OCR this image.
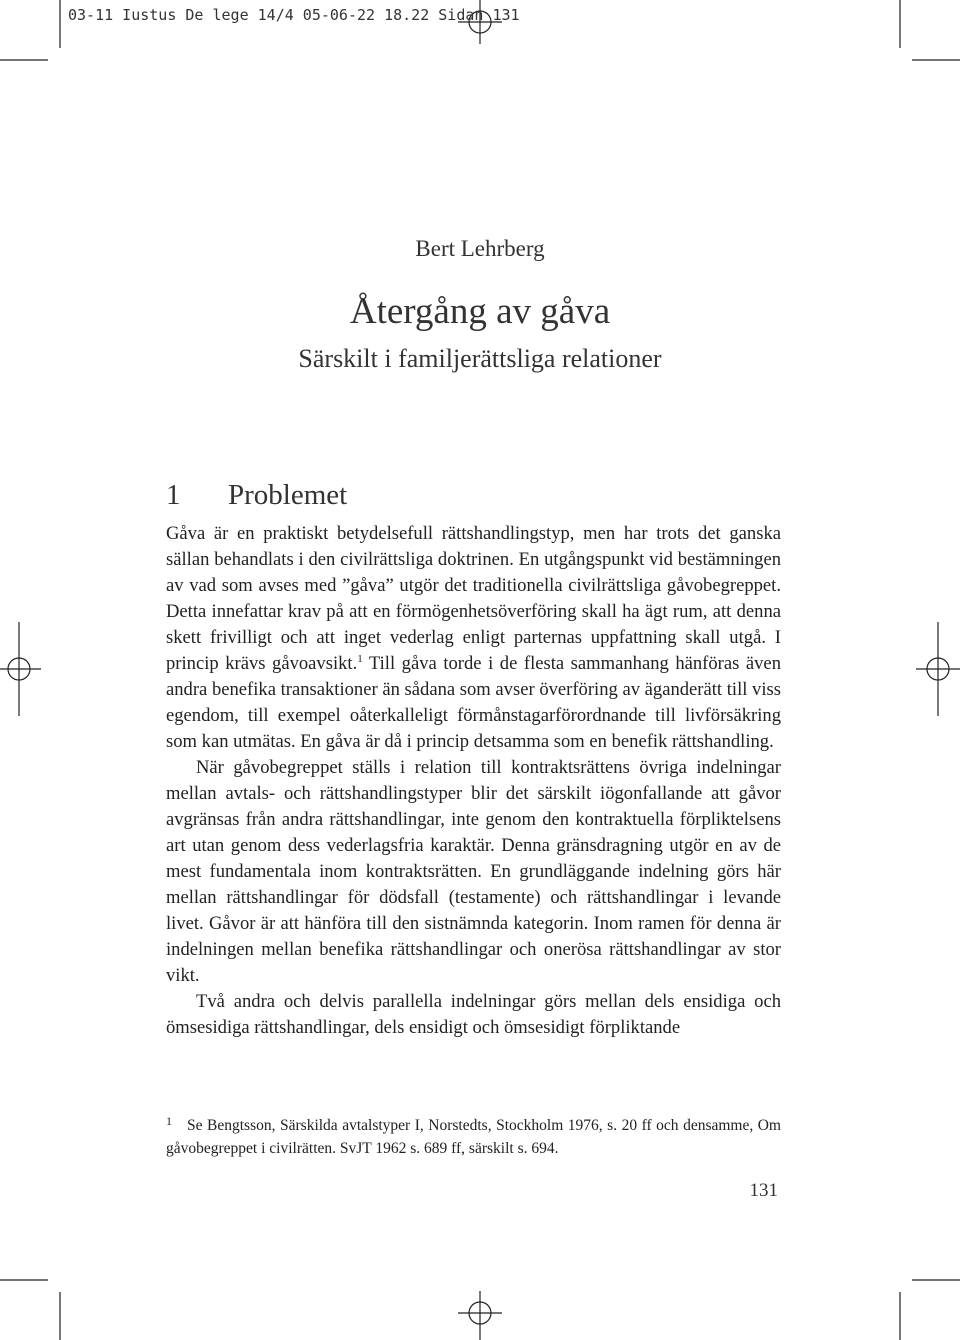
03-11 Iustus De lege 14/4 05-06-22 18.22 Sidan 131
Bert Lehrberg
Återgång av gåva
Särskilt i familjerättsliga relationer
1 Problemet

Gåva är en praktiskt betydelsefull rättshandlingstyp, men har trots det ganska sällan behandlats i den civilrättsliga doktrinen. En utgångspunkt vid bestämningen av vad som avses med ”gåva” utgör det traditionella civilrättsliga gåvobegreppet. Detta innefattar krav på att en förmögenhetsöverföring skall ha ägt rum, att denna skett frivilligt och att inget vederlag enligt parternas uppfattning skall utgå. I princip krävs gåvoavsikt.$^1$ Till gåva torde i de flesta sammanhang hänföras även andra benefika transaktioner än sådana som avser överföring av äganderätt till viss egendom, till exempel oåterkalleligt förmånstagarförordnande till livförsäkring som kan utmätas. En gåva är då i princip detsamma som en benefik rättshandling.

När gåvobegreppet ställs i relation till kontraktsrättens övriga indelningar mellan avtals- och rättshandlingstyper blir det särskilt iögonfallande att gåvor avgränsas från andra rättshandlingar, inte genom den kontraktuella förpliktelsens art utan genom dess vederlagsfria karaktär. Denna gränsdragning utgör en av de mest fundamentala inom kontraktsrätten. En grundläggande indelning görs här mellan rättshandlingar för dödsfall (testamente) och rättshandlingar i levande livet. Gåvor är att hänföra till den sistnämnda kategorin. Inom ramen för denna är indelningen mellan benefika rättshandlingar och onerösa rättshandlingar av stor vikt.

Två andra och delvis parallella indelningar görs mellan dels ensidiga och ömsesidiga rättshandlingar, dels ensidigt och ömsesidigt förpliktande

1 Se Bengtsson, Särskilda avtalstyper I, Norstedts, Stockholm 1976, s. 20 ff och densamme, Om gåvobegreppet i civilrätten. SvJT 1962 s. 689 ff, särskilt s. 694.

131
